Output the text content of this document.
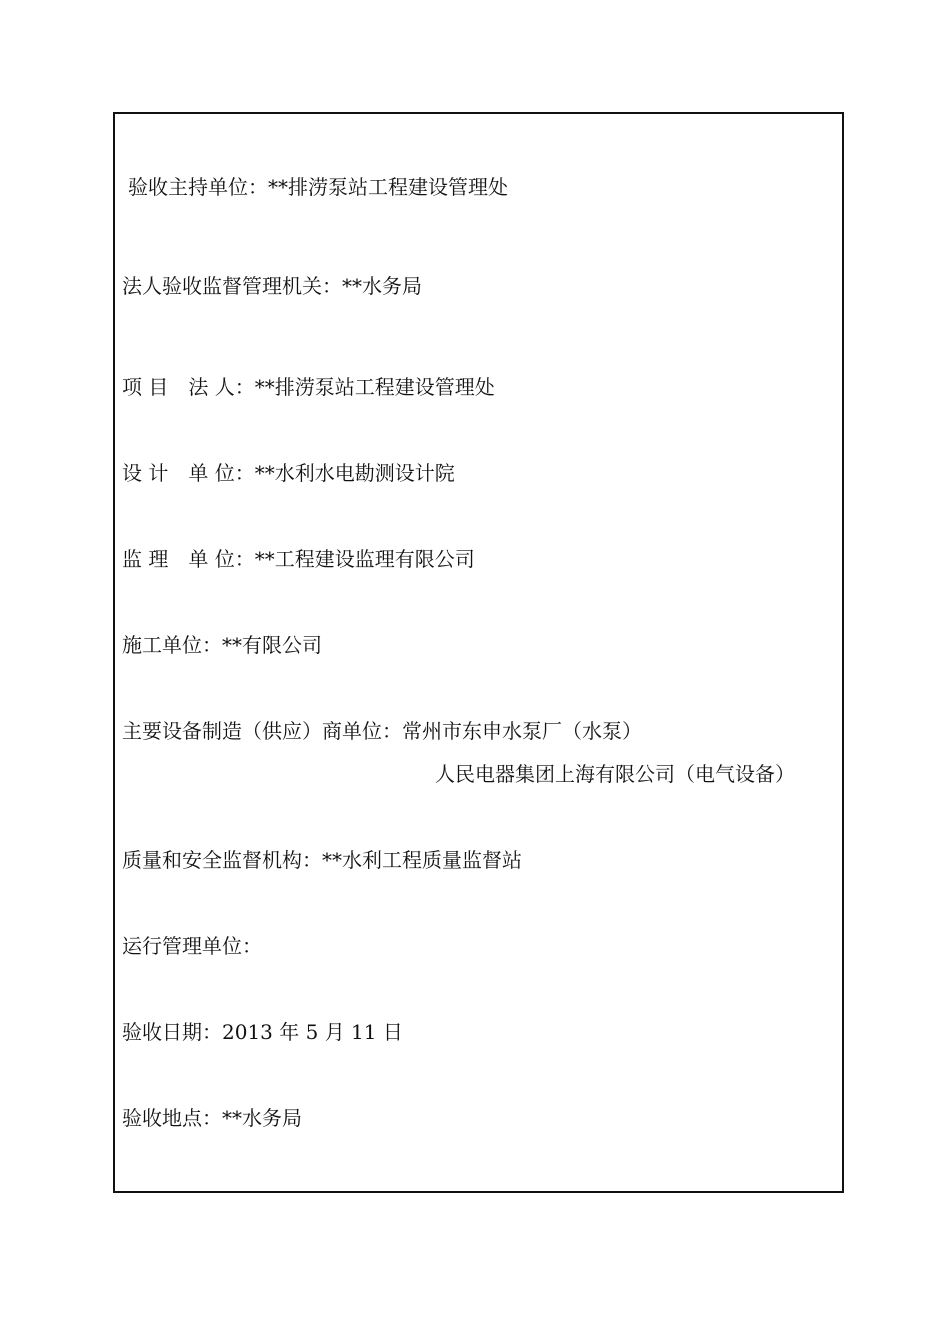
验收主持单位：**排涝泵站工程建设管理处

法人验收监督管理机关：**水务局

项 目　法 人：**排涝泵站工程建设管理处

设 计　单 位：**水利水电勘测设计院

监 理　单 位：**工程建设监理有限公司

施工单位：**有限公司

主要设备制造（供应）商单位：常州市东申水泵厂（水泵）

人民电器集团上海有限公司（电气设备）

质量和安全监督机构：**水利工程质量监督站

运行管理单位：

验收日期：2013 年 5 月 11 日

验收地点：**水务局
